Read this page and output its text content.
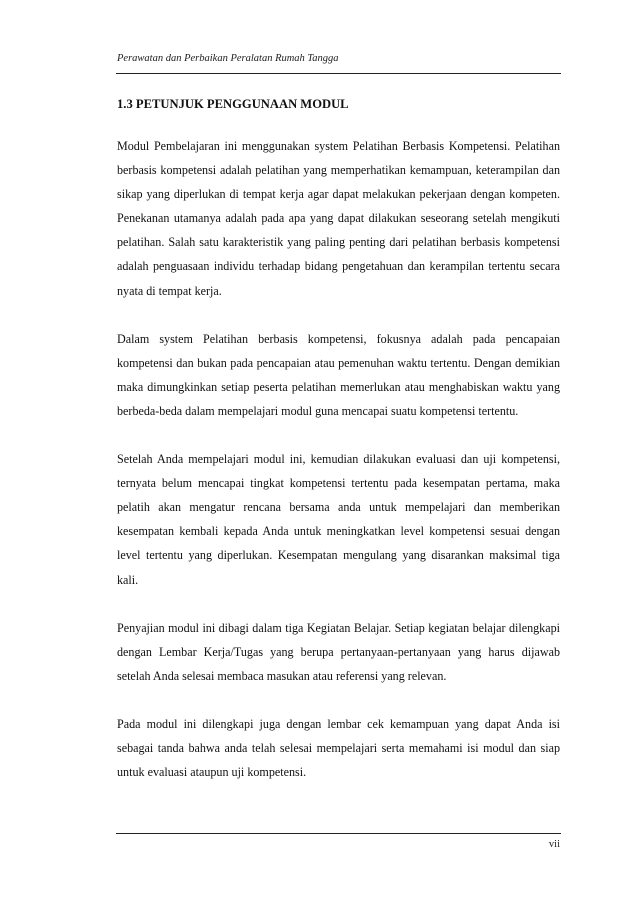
Perawatan dan Perbaikan Peralatan Rumah Tangga
1.3 PETUNJUK PENGGUNAAN MODUL

Modul Pembelajaran ini menggunakan system Pelatihan Berbasis Kompetensi. Pelatihan berbasis kompetensi adalah pelatihan yang memperhatikan kemampuan, keterampilan dan sikap yang diperlukan di tempat kerja agar dapat melakukan pekerjaan dengan kompeten. Penekanan utamanya adalah pada apa yang dapat dilakukan seseorang setelah mengikuti pelatihan. Salah satu karakteristik yang paling penting dari pelatihan berbasis kompetensi adalah penguasaan individu terhadap bidang pengetahuan dan kerampilan tertentu secara nyata di tempat kerja.

Dalam system Pelatihan berbasis kompetensi, fokusnya adalah pada pencapaian kompetensi dan bukan pada pencapaian atau pemenuhan waktu tertentu. Dengan demikian maka dimungkinkan setiap peserta pelatihan memerlukan atau menghabiskan waktu yang berbeda-beda dalam mempelajari modul guna mencapai suatu kompetensi tertentu.

Setelah Anda mempelajari modul ini, kemudian dilakukan evaluasi dan uji kompetensi, ternyata belum mencapai tingkat kompetensi tertentu pada kesempatan pertama, maka pelatih akan mengatur rencana bersama anda untuk mempelajari dan memberikan kesempatan kembali kepada Anda untuk meningkatkan level kompetensi sesuai dengan level tertentu yang diperlukan. Kesempatan mengulang yang disarankan maksimal tiga kali.

Penyajian modul ini dibagi dalam tiga Kegiatan Belajar. Setiap kegiatan belajar dilengkapi dengan Lembar Kerja/Tugas yang berupa pertanyaan-pertanyaan yang harus dijawab setelah Anda selesai membaca masukan atau referensi yang relevan.

Pada modul ini dilengkapi juga dengan lembar cek kemampuan yang dapat Anda isi sebagai tanda bahwa anda telah selesai mempelajari serta memahami isi modul dan siap untuk evaluasi ataupun uji kompetensi.

vii
